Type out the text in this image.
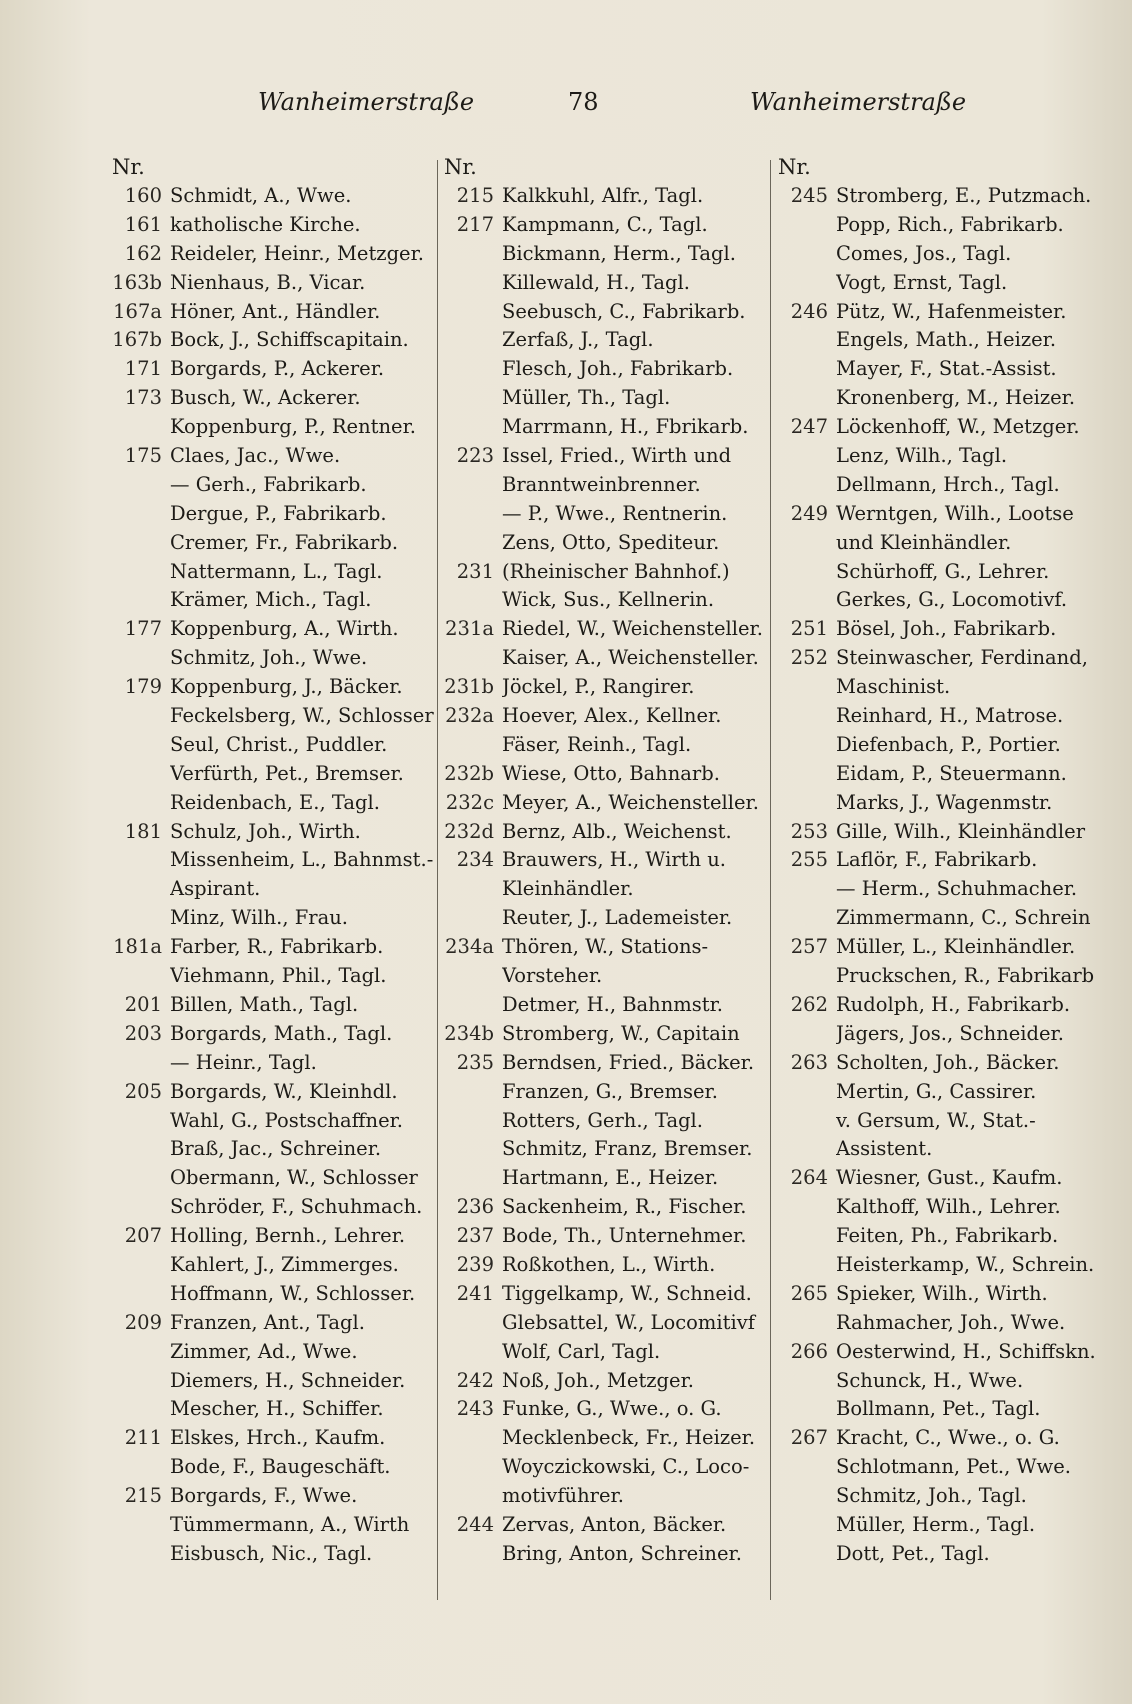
Wanheimerstraße	78	Wanheimerstraße
Nr.
160 Schmidt, A., Wwe.
161 katholische Kirche.
162 Reideler, Heinr., Metzger.
163b Nienhaus, B., Vicar.
167a Höner, Ant., Händler.
167b Bock, J., Schiffscapitain.
171 Borgards, P., Ackerer.
173 Busch, W., Ackerer.
Koppenburg, P., Rentner.
175 Claes, Jac., Wwe.
— Gerh., Fabrikarb.
Dergue, P., Fabrikarb.
Cremer, Fr., Fabrikarb.
Nattermann, L., Tagl.
Krämer, Mich., Tagl.
177 Koppenburg, A., Wirth.
Schmitz, Joh., Wwe.
179 Koppenburg, J., Bäcker.
Feckelsberg, W., Schlosser
Seul, Christ., Puddler.
Verfürth, Pet., Bremser.
Reidenbach, E., Tagl.
181 Schulz, Joh., Wirth.
Missenheim, L., Bahnmst.-
Aspirant.
Minz, Wilh., Frau.
181a Farber, R., Fabrikarb.
Viehmann, Phil., Tagl.
201 Billen, Math., Tagl.
203 Borgards, Math., Tagl.
— Heinr., Tagl.
205 Borgards, W., Kleinhdl.
Wahl, G., Postschaffner.
Braß, Jac., Schreiner.
Obermann, W., Schlosser
Schröder, F., Schuhmach.
207 Holling, Bernh., Lehrer.
Kahlert, J., Zimmerges.
Hoffmann, W., Schlosser.
209 Franzen, Ant., Tagl.
Zimmer, Ad., Wwe.
Diemers, H., Schneider.
Mescher, H., Schiffer.
211 Elskes, Hrch., Kaufm.
Bode, F., Baugeschäft.
215 Borgards, F., Wwe.
Tümmermann, A., Wirth
Eisbusch, Nic., Tagl.
Nr.
215 Kalkkuhl, Alfr., Tagl.
217 Kampmann, C., Tagl.
Bickmann, Herm., Tagl.
Killewald, H., Tagl.
Seebusch, C., Fabrikarb.
Zerfaß, J., Tagl.
Flesch, Joh., Fabrikarb.
Müller, Th., Tagl.
Marrmann, H., Fbrikarb.
223 Issel, Fried., Wirth und
Branntweinbrenner.
— P., Wwe., Rentnerin.
Zens, Otto, Spediteur.
231 (Rheinischer Bahnhof.)
Wick, Sus., Kellnerin.
231a Riedel, W., Weichensteller.
Kaiser, A., Weichensteller.
231b Jöckel, P., Rangirer.
232a Hoever, Alex., Kellner.
Fäser, Reinh., Tagl.
232b Wiese, Otto, Bahnarb.
232c Meyer, A., Weichensteller.
232d Bernz, Alb., Weichenst.
234 Brauwers, H., Wirth u.
Kleinhändler.
Reuter, J., Lademeister.
234a Thören, W., Stations-
Vorsteher.
Detmer, H., Bahnmstr.
234b Stromberg, W., Capitain
235 Berndsen, Fried., Bäcker.
Franzen, G., Bremser.
Rotters, Gerh., Tagl.
Schmitz, Franz, Bremser.
Hartmann, E., Heizer.
236 Sackenheim, R., Fischer.
237 Bode, Th., Unternehmer.
239 Roßkothen, L., Wirth.
241 Tiggelkamp, W., Schneid.
Glebsattel, W., Locomitivf
Wolf, Carl, Tagl.
242 Noß, Joh., Metzger.
243 Funke, G., Wwe., o. G.
Mecklenbeck, Fr., Heizer.
Woyczickowski, C., Loco-
motivführer.
244 Zervas, Anton, Bäcker.
Bring, Anton, Schreiner.
Nr.
245 Stromberg, E., Putzmach.
Popp, Rich., Fabrikarb.
Comes, Jos., Tagl.
Vogt, Ernst, Tagl.
246 Pütz, W., Hafenmeister.
Engels, Math., Heizer.
Mayer, F., Stat.-Assist.
Kronenberg, M., Heizer.
247 Löckenhoff, W., Metzger.
Lenz, Wilh., Tagl.
Dellmann, Hrch., Tagl.
249 Werntgen, Wilh., Lootse
und Kleinhändler.
Schürhoff, G., Lehrer.
Gerkes, G., Locomotivf.
251 Bösel, Joh., Fabrikarb.
252 Steinwascher, Ferdinand,
Maschinist.
Reinhard, H., Matrose.
Diefenbach, P., Portier.
Eidam, P., Steuermann.
Marks, J., Wagenmstr.
253 Gille, Wilh., Kleinhändler
255 Laflör, F., Fabrikarb.
— Herm., Schuhmacher.
Zimmermann, C., Schrein
257 Müller, L., Kleinhändler.
Pruckschen, R., Fabrikarb
262 Rudolph, H., Fabrikarb.
Jägers, Jos., Schneider.
263 Scholten, Joh., Bäcker.
Mertin, G., Cassirer.
v. Gersum, W., Stat.-
Assistent.
264 Wiesner, Gust., Kaufm.
Kalthoff, Wilh., Lehrer.
Feiten, Ph., Fabrikarb.
Heisterkamp, W., Schrein.
265 Spieker, Wilh., Wirth.
Rahmacher, Joh., Wwe.
266 Oesterwind, H., Schiffskn.
Schunck, H., Wwe.
Bollmann, Pet., Tagl.
267 Kracht, C., Wwe., o. G.
Schlotmann, Pet., Wwe.
Schmitz, Joh., Tagl.
Müller, Herm., Tagl.
Dott, Pet., Tagl.
